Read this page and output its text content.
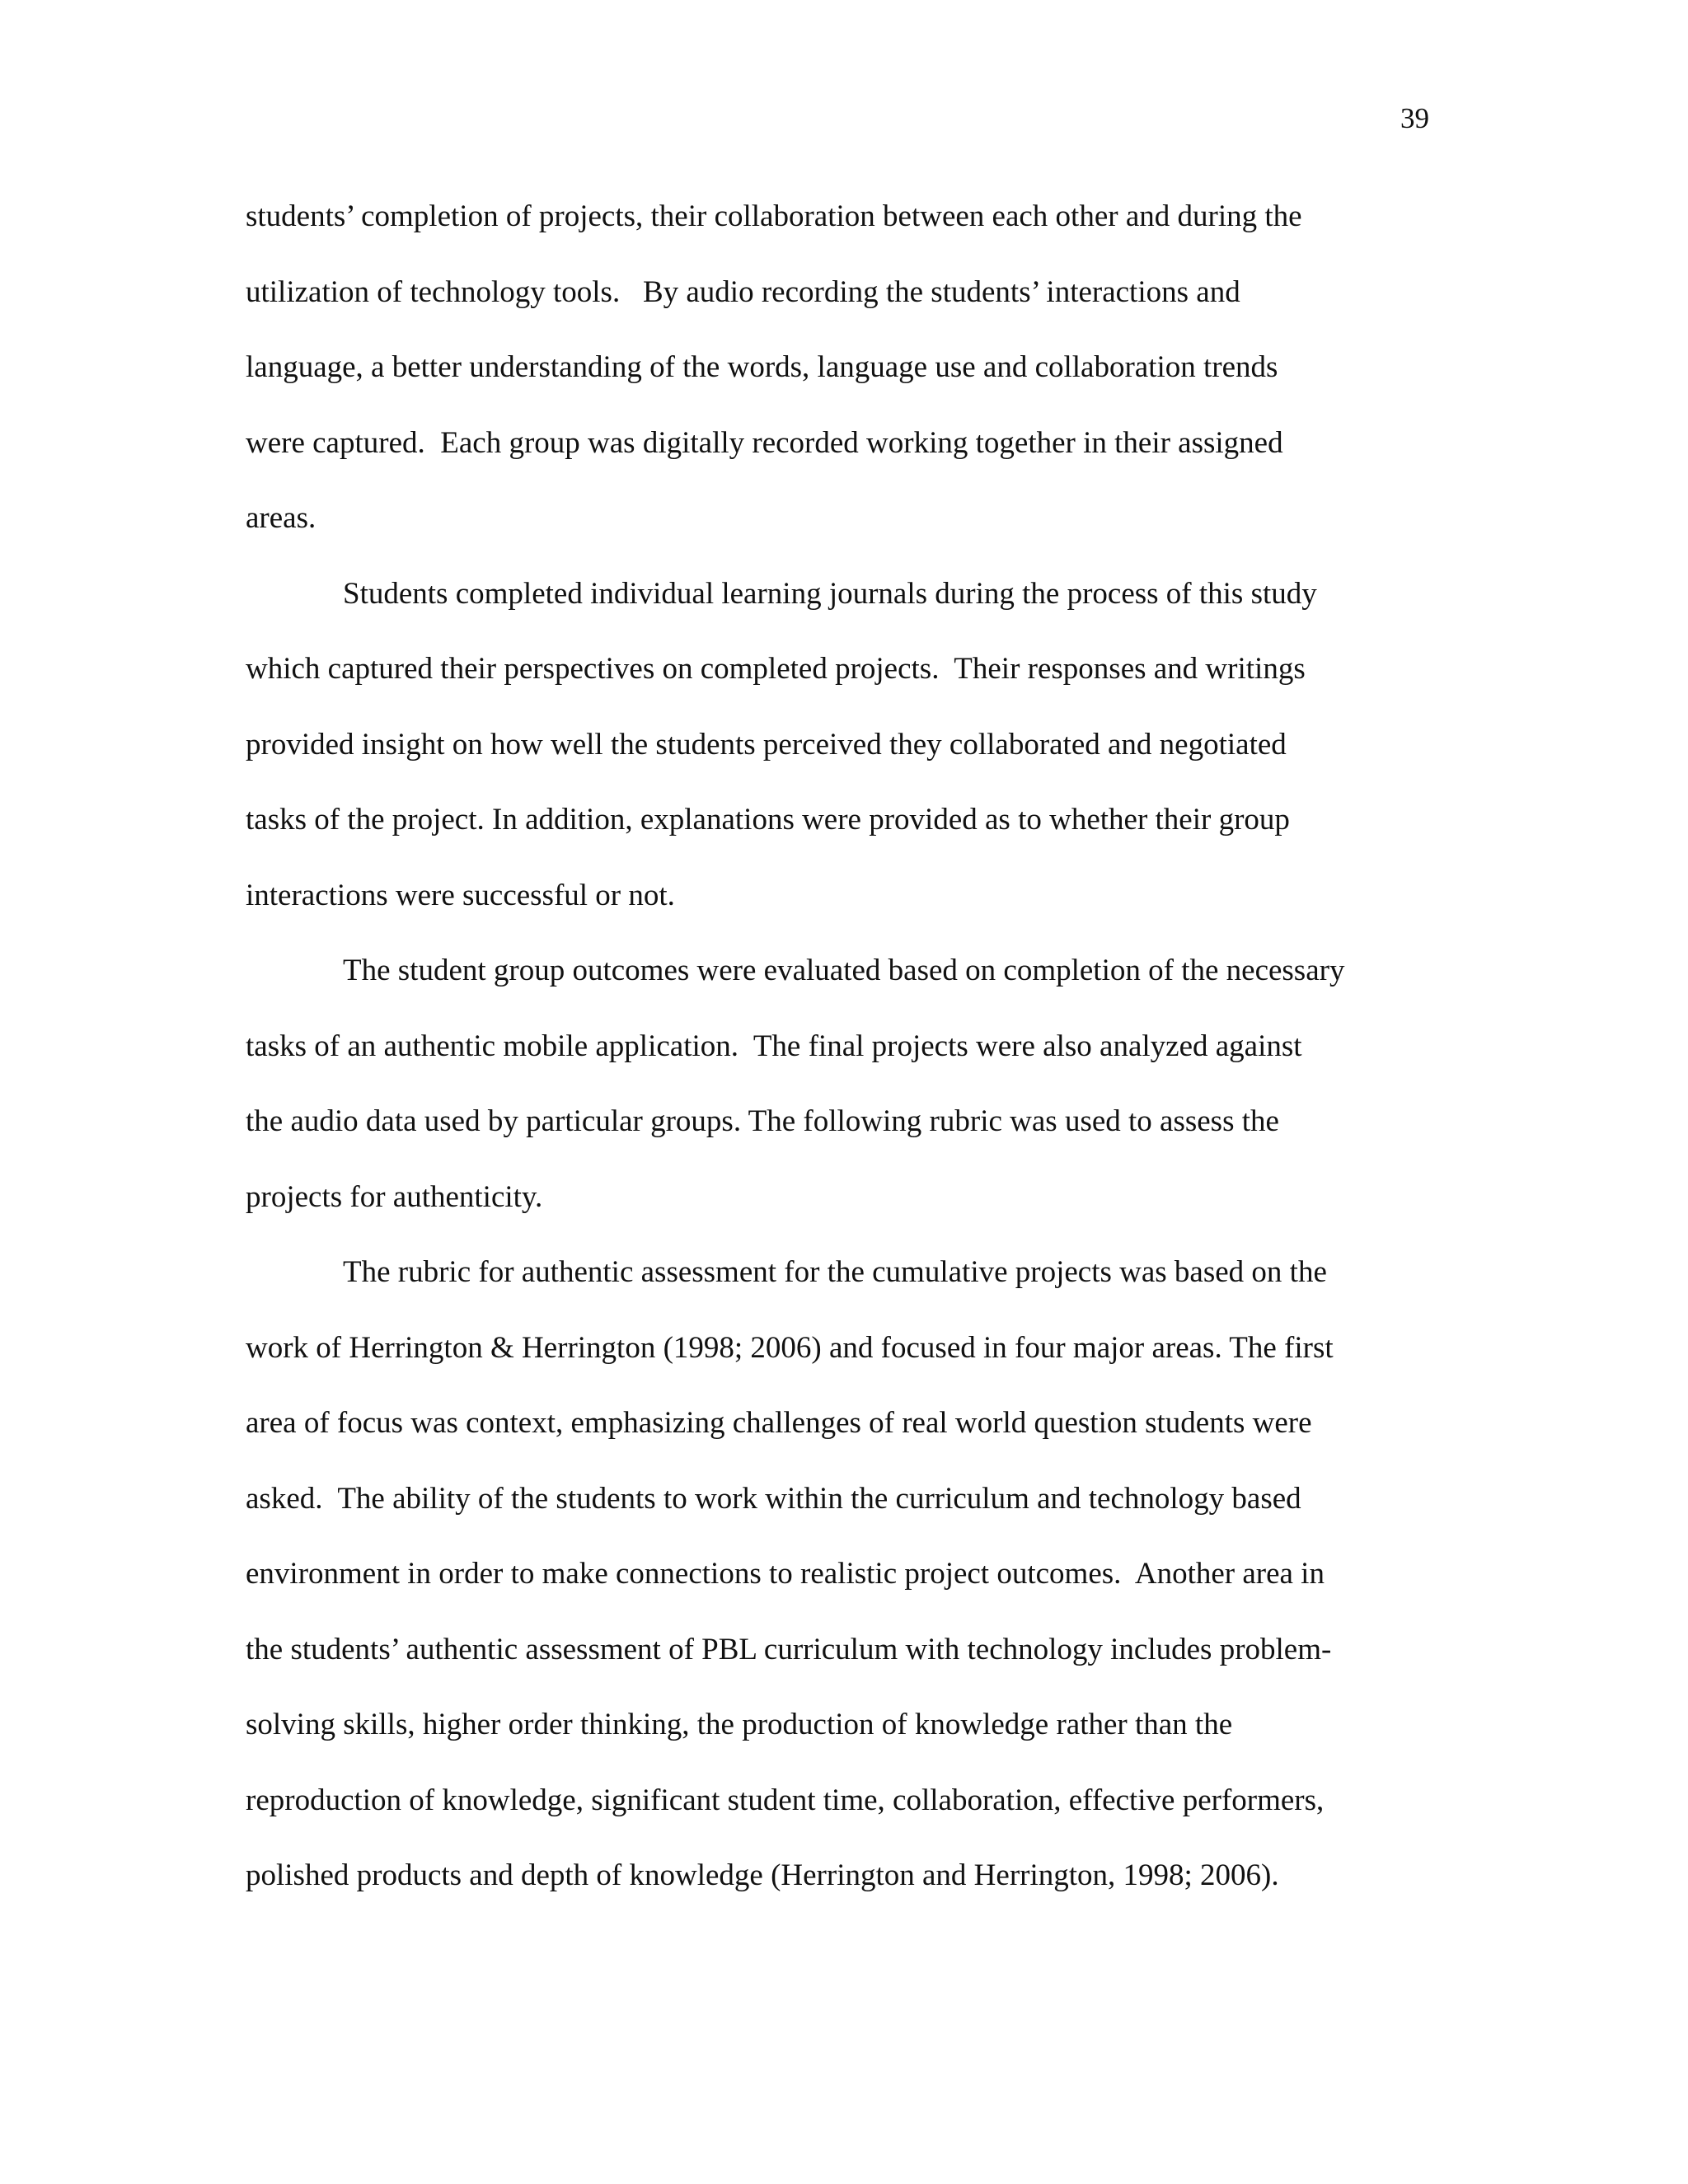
39
students’ completion of projects, their collaboration between each other and during the
utilization of technology tools.   By audio recording the students’ interactions and
language, a better understanding of the words, language use and collaboration trends
were captured.  Each group was digitally recorded working together in their assigned
areas.
Students completed individual learning journals during the process of this study
which captured their perspectives on completed projects.  Their responses and writings
provided insight on how well the students perceived they collaborated and negotiated
tasks of the project. In addition, explanations were provided as to whether their group
interactions were successful or not.
The student group outcomes were evaluated based on completion of the necessary
tasks of an authentic mobile application.  The final projects were also analyzed against
the audio data used by particular groups. The following rubric was used to assess the
projects for authenticity.
The rubric for authentic assessment for the cumulative projects was based on the
work of Herrington & Herrington (1998; 2006) and focused in four major areas. The first
area of focus was context, emphasizing challenges of real world question students were
asked.  The ability of the students to work within the curriculum and technology based
environment in order to make connections to realistic project outcomes.  Another area in
the students’ authentic assessment of PBL curriculum with technology includes problem-
solving skills, higher order thinking, the production of knowledge rather than the
reproduction of knowledge, significant student time, collaboration, effective performers,
polished products and depth of knowledge (Herrington and Herrington, 1998; 2006).
